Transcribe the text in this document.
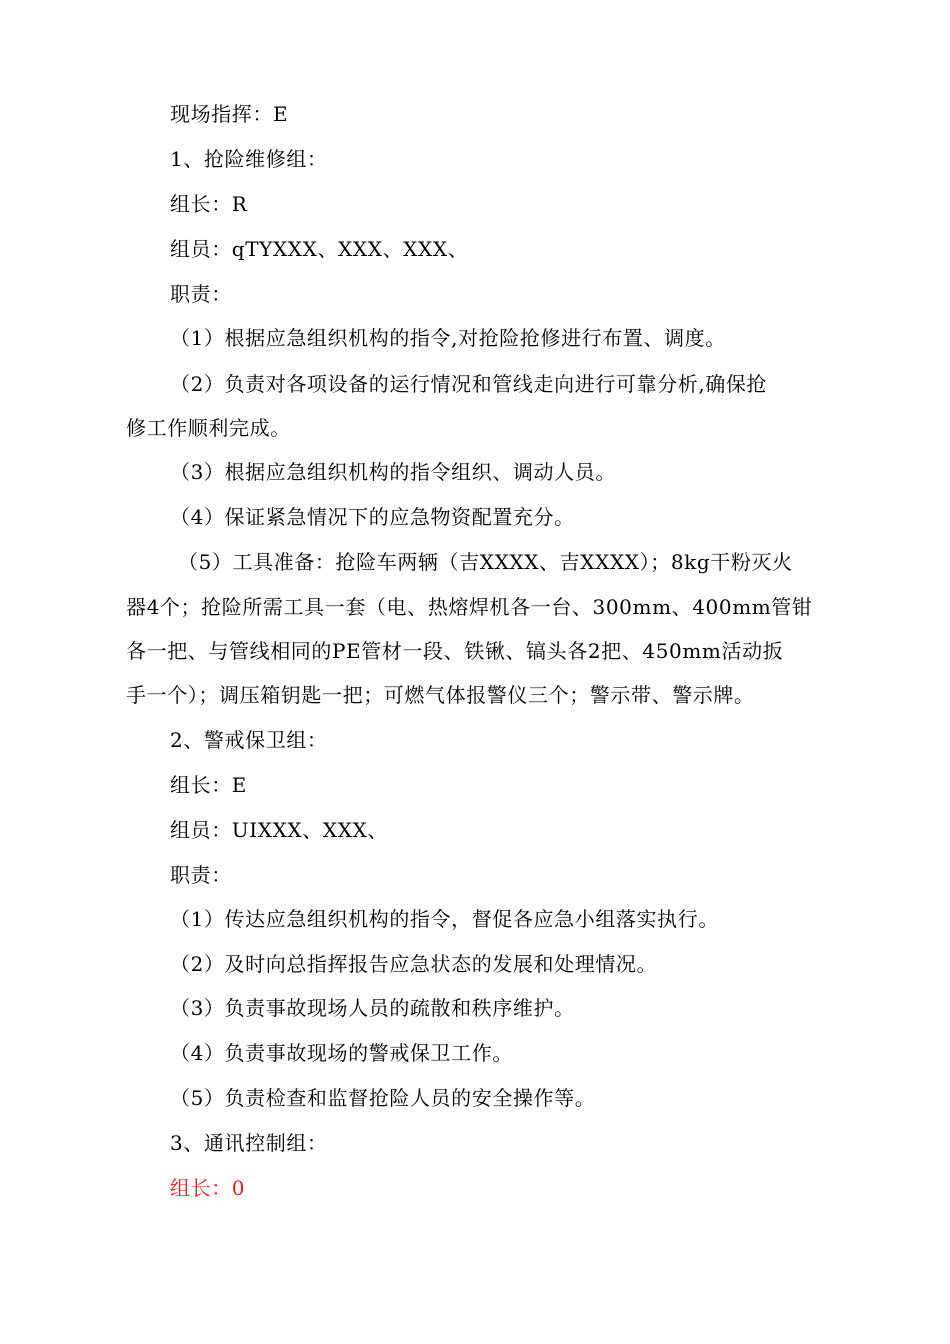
现场指挥：E
1、抢险维修组：
组长：R
组员：qTYXXX、XXX、XXX、
职责：
（1）根据应急组织机构的指令,对抢险抢修进行布置、调度。
（2）负责对各项设备的运行情况和管线走向进行可靠分析,确保抢
修工作顺利完成。
（3）根据应急组织机构的指令组织、调动人员。
（4）保证紧急情况下的应急物资配置充分。
（5）工具准备：抢险车两辆（吉XXXX、吉XXXX）；8kg干粉灭火
器4个；抢险所需工具一套（电、热熔焊机各一台、300mm、400mm管钳
各一把、与管线相同的PE管材一段、铁锹、镐头各2把、450mm活动扳
手一个）；调压箱钥匙一把；可燃气体报警仪三个；警示带、警示牌。
2、警戒保卫组：
组长：E
组员：UIXXX、XXX、
职责：
（1）传达应急组织机构的指令，督促各应急小组落实执行。
（2）及时向总指挥报告应急状态的发展和处理情况。
（3）负责事故现场人员的疏散和秩序维护。
（4）负责事故现场的警戒保卫工作。
（5）负责检查和监督抢险人员的安全操作等。
3、通讯控制组：
组长：0
